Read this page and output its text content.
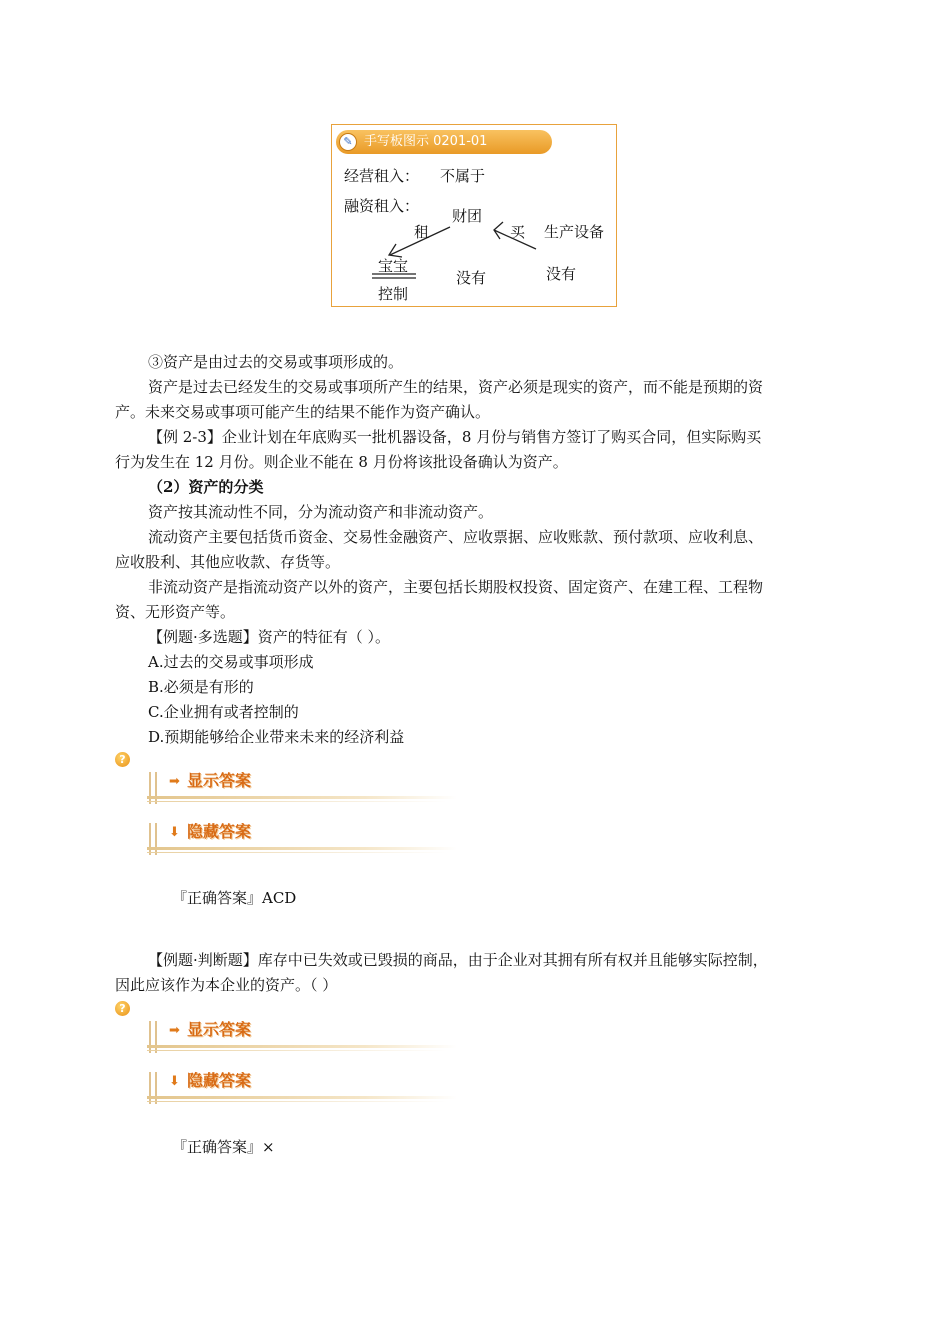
✎ 手写板图示 0201-01
经营租入： 不属于
融资租入：
财团
租	买 生产设备
宝宝
控制
没有	没有
③资产是由过去的交易或事项形成的。
资产是过去已经发生的交易或事项所产生的结果，资产必须是现实的资产，而不能是预期的资
产。未来交易或事项可能产生的结果不能作为资产确认。
【例 2-3】企业计划在年底购买一批机器设备，8 月份与销售方签订了购买合同，但实际购买
行为发生在 12 月份。则企业不能在 8 月份将该批设备确认为资产。
（2）资产的分类
资产按其流动性不同，分为流动资产和非流动资产。
流动资产主要包括货币资金、交易性金融资产、应收票据、应收账款、预付款项、应收利息、
应收股利、其他应收款、存货等。
非流动资产是指流动资产以外的资产，主要包括长期股权投资、固定资产、在建工程、工程物
资、无形资产等。
【例题·多选题】资产的特征有（ ）。
A.过去的交易或事项形成
B.必须是有形的
C.企业拥有或者控制的
D.预期能够给企业带来未来的经济利益
?
➡ 显示答案
⬇ 隐藏答案
『正确答案』ACD
【例题·判断题】库存中已失效或已毁损的商品，由于企业对其拥有所有权并且能够实际控制，
因此应该作为本企业的资产。（ ）
?
➡ 显示答案
⬇ 隐藏答案
『正确答案』×
